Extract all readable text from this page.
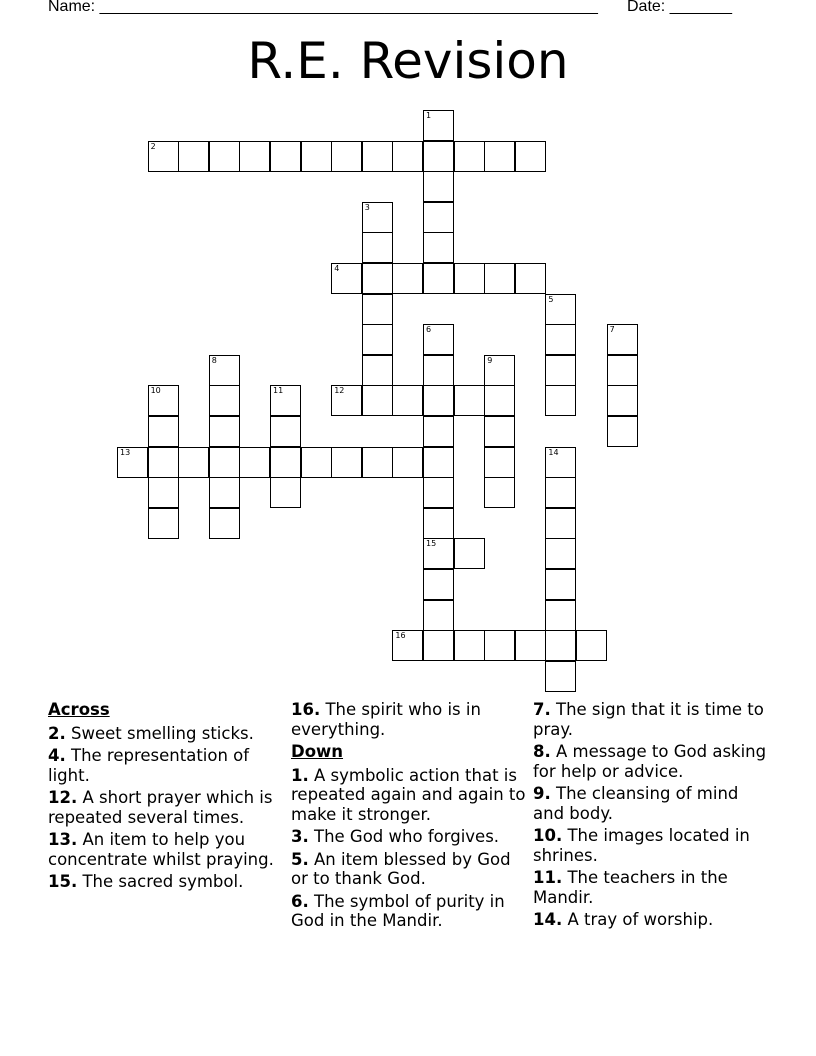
Name: ________________________________________________________ Date: _______
R.E. Revision
1
2
3
4
5
6
15
7
8	9
10	11	12
13	14
16
Across
2. Sweet smelling sticks.
4. The representation of light.
12. A short prayer which is repeated several times.
13. An item to help you concentrate whilst praying.
15. The sacred symbol.
16. The spirit who is in everything.
Down
1. A symbolic action that is repeated again and again to make it stronger.
3. The God who forgives.
5. An item blessed by God or to thank God.
6. The symbol of purity in God in the Mandir.
7. The sign that it is time to pray.
8. A message to God asking for help or advice.
9. The cleansing of mind and body.
10. The images located in shrines.
11. The teachers in the Mandir.
14. A tray of worship.
